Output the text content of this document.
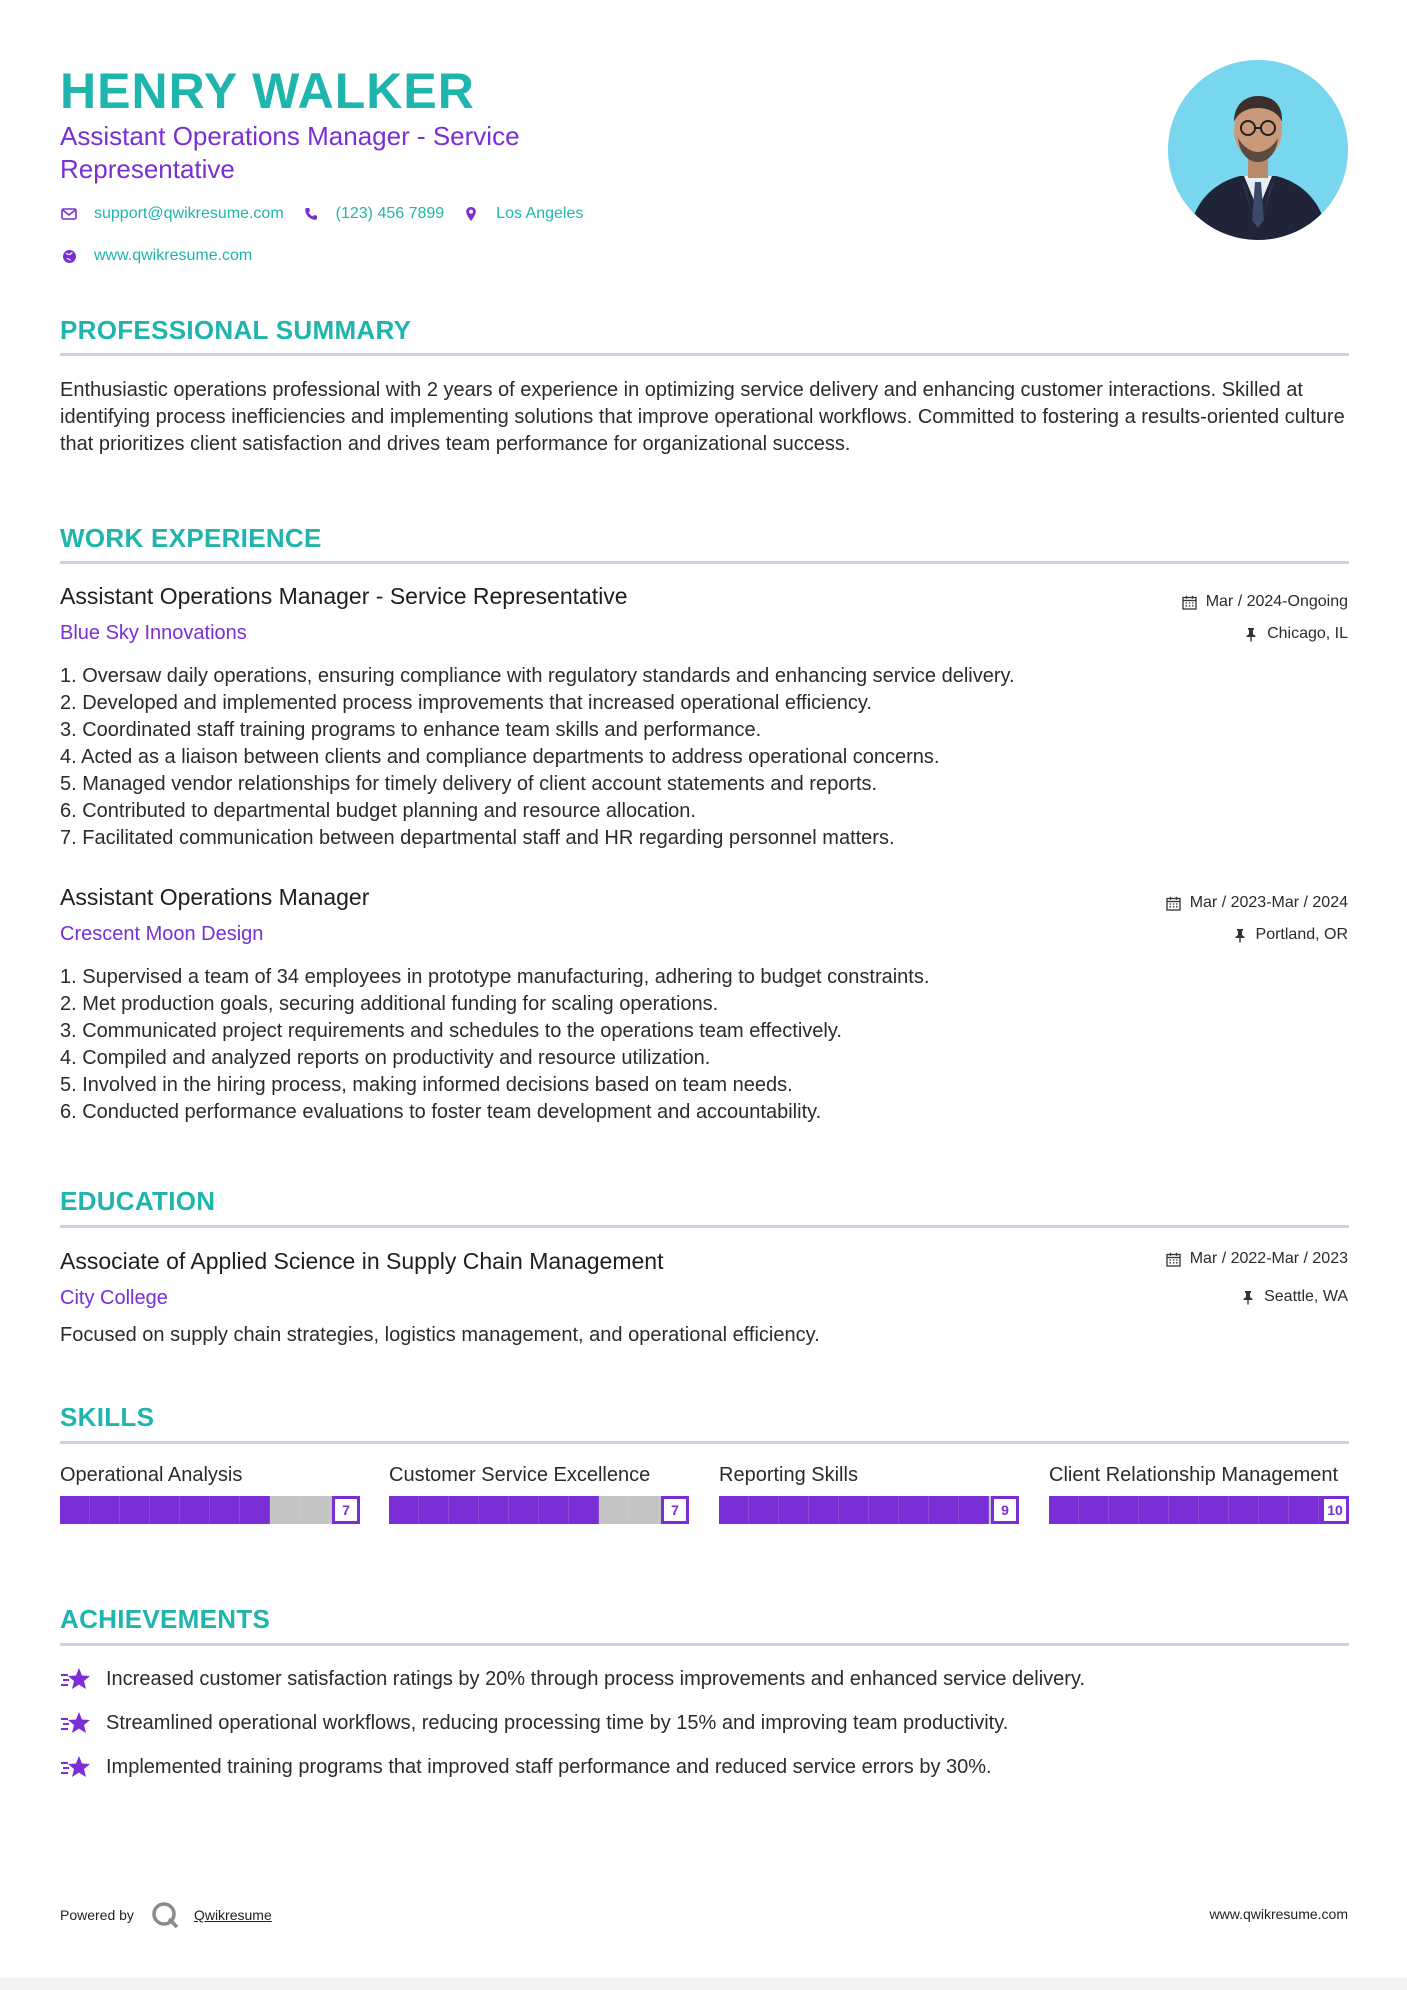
HENRY WALKER
Assistant Operations Manager - Service Representative
support@qwikresume.com	(123) 456 7899	Los Angeles
www.qwikresume.com
PROFESSIONAL SUMMARY
Enthusiastic operations professional with 2 years of experience in optimizing service delivery and enhancing customer interactions. Skilled at identifying process inefficiencies and implementing solutions that improve operational workflows. Committed to fostering a results-oriented culture that prioritizes client satisfaction and drives team performance for organizational success.
WORK EXPERIENCE
Assistant Operations Manager - Service Representative	Mar / 2024-Ongoing
Blue Sky Innovations	Chicago, IL
1. Oversaw daily operations, ensuring compliance with regulatory standards and enhancing service delivery.
2. Developed and implemented process improvements that increased operational efficiency.
3. Coordinated staff training programs to enhance team skills and performance.
4. Acted as a liaison between clients and compliance departments to address operational concerns.
5. Managed vendor relationships for timely delivery of client account statements and reports.
6. Contributed to departmental budget planning and resource allocation.
7. Facilitated communication between departmental staff and HR regarding personnel matters.
Assistant Operations Manager	Mar / 2023-Mar / 2024
Crescent Moon Design	Portland, OR
1. Supervised a team of 34 employees in prototype manufacturing, adhering to budget constraints.
2. Met production goals, securing additional funding for scaling operations.
3. Communicated project requirements and schedules to the operations team effectively.
4. Compiled and analyzed reports on productivity and resource utilization.
5. Involved in the hiring process, making informed decisions based on team needs.
6. Conducted performance evaluations to foster team development and accountability.
EDUCATION
Associate of Applied Science in Supply Chain Management	Mar / 2022-Mar / 2023
City College	Seattle, WA
Focused on supply chain strategies, logistics management, and operational efficiency.
SKILLS
Operational Analysis
7
Customer Service Excellence
7
Reporting Skills
9
Client Relationship Management
10
ACHIEVEMENTS
Increased customer satisfaction ratings by 20% through process improvements and enhanced service delivery.
Streamlined operational workflows, reducing processing time by 15% and improving team productivity.
Implemented training programs that improved staff performance and reduced service errors by 30%.
Powered by	Qwikresume	www.qwikresume.com
